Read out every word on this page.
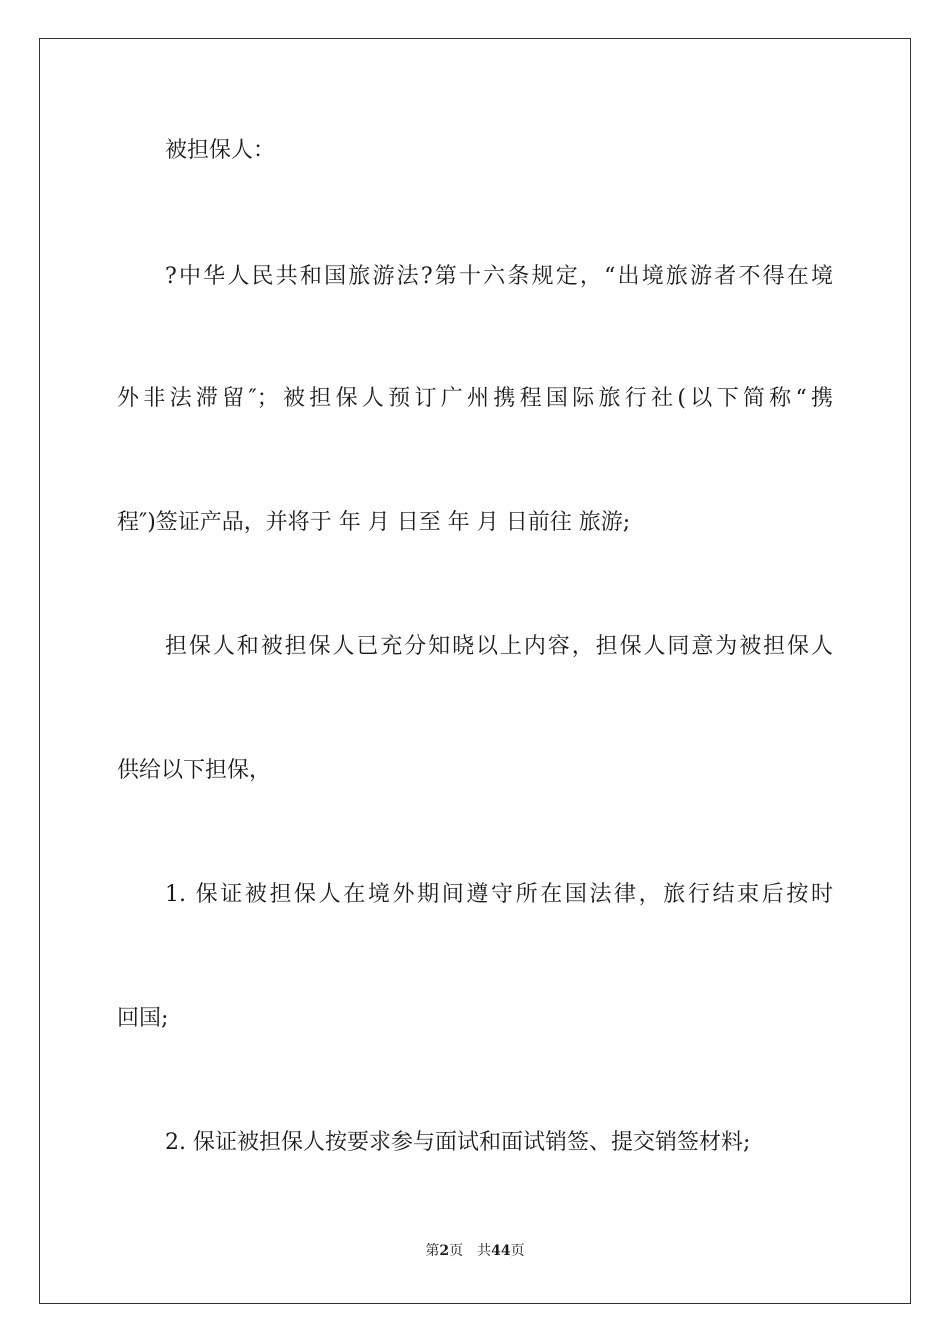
被担保人：

?中华人民共和国旅游法?第十六条规定，“出境旅游者不得在境

外非法滞留″；被担保人预订广州携程国际旅行社(以下简称“携

程″)签证产品，并将于 年 月 日至 年 月 日前往 旅游;

担保人和被担保人已充分知晓以上内容，担保人同意为被担保人

供给以下担保，

1. 保证被担保人在境外期间遵守所在国法律，旅行结束后按时

回国;

2. 保证被担保人按要求参与面试和面试销签、提交销签材料;

第2页 共44页
